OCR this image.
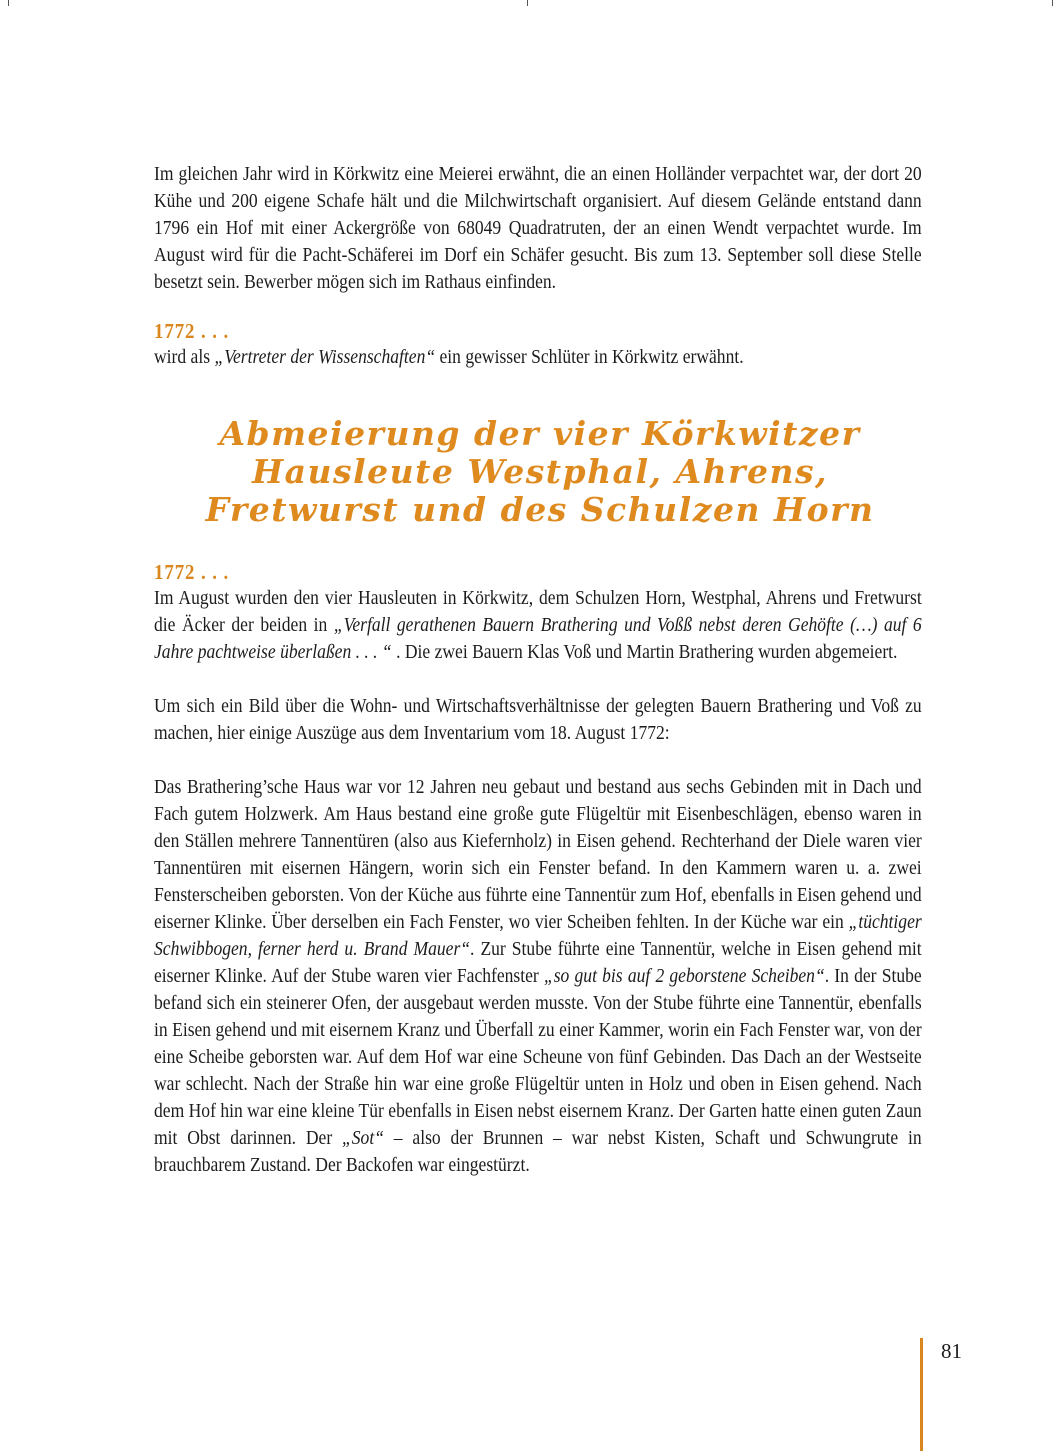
Im gleichen Jahr wird in Körkwitz eine Meierei erwähnt, die an einen Holländer verpachtet war, der dort 20 Kühe und 200 eigene Schafe hält und die Milchwirtschaft organisiert. Auf diesem Gelände entstand dann 1796 ein Hof mit einer Ackergröße von 68049 Quadratruten, der an einen Wendt verpachtet wurde. Im August wird für die Pacht-Schäferei im Dorf ein Schäfer gesucht. Bis zum 13. September soll diese Stelle besetzt sein. Bewerber mögen sich im Rathaus einfinden.

1772 . . .

wird als „Vertreter der Wissenschaften“ ein gewisser Schlüter in Körkwitz erwähnt.

1772 . . .

Im August wurden den vier Hausleuten in Körkwitz, dem Schulzen Horn, Westphal, Ahrens und Fretwurst die Äcker der beiden in „Verfall gerathenen Bauern Brathering und Voßß nebst deren Gehöfte (…) auf 6 Jahre pachtweise überlaßen . . . “ . Die zwei Bauern Klas Voß und Martin Brathering wurden abgemeiert.

Um sich ein Bild über die Wohn- und Wirtschaftsverhältnisse der gelegten Bauern Brathering und Voß zu machen, hier einige Auszüge aus dem Inventarium vom 18. August 1772:

Das Brathering’sche Haus war vor 12 Jahren neu gebaut und bestand aus sechs Gebinden mit in Dach und Fach gutem Holzwerk. Am Haus bestand eine große gute Flügeltür mit Eisenbeschlägen, ebenso waren in den Ställen mehrere Tannentüren (also aus Kiefernholz) in Eisen gehend. Rechterhand der Diele waren vier Tannentüren mit eisernen Hängern, worin sich ein Fenster befand. In den Kammern waren u. a. zwei Fensterscheiben geborsten. Von der Küche aus führte eine Tannentür zum Hof, ebenfalls in Eisen gehend und eiserner Klinke. Über derselben ein Fach Fenster, wo vier Scheiben fehlten. In der Küche war ein „tüchtiger Schwibbogen, ferner herd u. Brand Mauer“. Zur Stube führte eine Tannentür, welche in Eisen gehend mit eiserner Klinke. Auf der Stube waren vier Fachfenster „so gut bis auf 2 geborstene Scheiben“. In der Stube befand sich ein steinerer Ofen, der ausgebaut werden musste. Von der Stube führte eine Tannentür, ebenfalls in Eisen gehend und mit eisernem Kranz und Überfall zu einer Kammer, worin ein Fach Fenster war, von der eine Scheibe geborsten war. Auf dem Hof war eine Scheune von fünf Gebinden. Das Dach an der Westseite war schlecht. Nach der Straße hin war eine große Flügeltür unten in Holz und oben in Eisen gehend. Nach dem Hof hin war eine kleine Tür ebenfalls in Eisen nebst eisernem Kranz. Der Garten hatte einen guten Zaun mit Obst darinnen. Der „Sot“ – also der Brunnen – war nebst Kisten, Schaft und Schwungrute in brauchbarem Zustand. Der Backofen war eingestürzt.

Abmeierung der vier Körkwitzer
Hausleute Westphal, Ahrens,
Fretwurst und des Schulzen Horn
81
